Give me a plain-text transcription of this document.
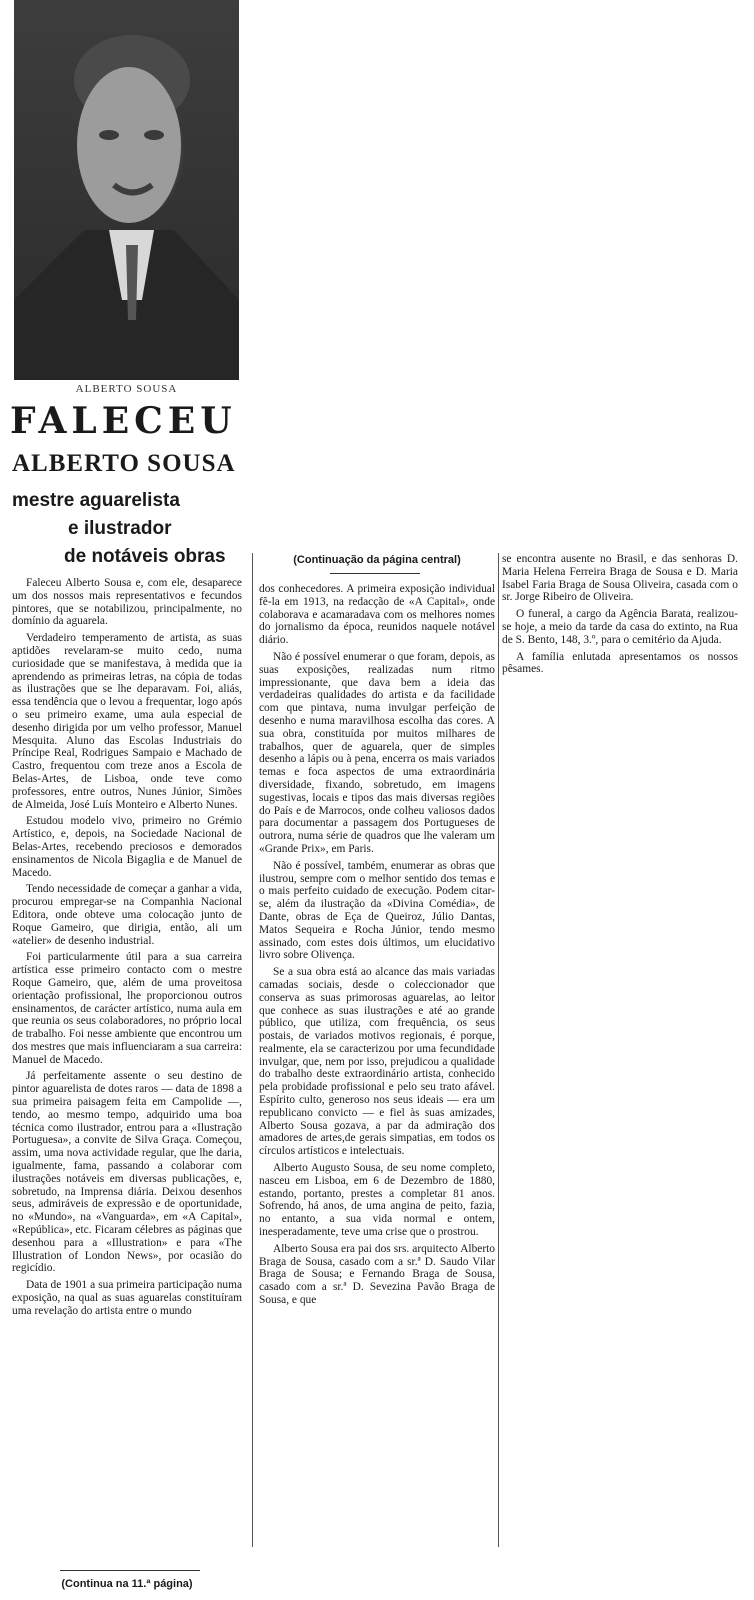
ALBERTO SOUSA
FALECEU
ALBERTO SOUSA
mestre aguarelista
e ilustrador
de notáveis obras

Faleceu Alberto Sousa e, com ele, desaparece um dos nossos mais representativos e fecundos pintores, que se notabilizou, principalmente, no domínio da aguarela.

Verdadeiro temperamento de artista, as suas aptidões revelaram-se muito cedo, numa curiosidade que se manifestava, à medida que ia aprendendo as primeiras letras, na cópia de todas as ilustrações que se lhe deparavam. Foi, aliás, essa tendência que o levou a frequentar, logo após o seu primeiro exame, uma aula especial de desenho dirigida por um velho professor, Manuel Mesquita. Aluno das Escolas Industriais do Príncipe Real, Rodrigues Sampaio e Machado de Castro, frequentou com treze anos a Escola de Belas-Artes, de Lisboa, onde teve como professores, entre outros, Nunes Júnior, Simões de Almeida, José Luís Monteiro e Alberto Nunes.

Estudou modelo vivo, primeiro no Grémio Artístico, e, depois, na Sociedade Nacional de Belas-Artes, recebendo preciosos e demorados ensinamentos de Nicola Bigaglia e de Manuel de Macedo.

Tendo necessidade de começar a ganhar a vida, procurou empregar-se na Companhia Nacional Editora, onde obteve uma colocação junto de Roque Gameiro, que dirigia, então, ali um «atelier» de desenho industrial.

Foi particularmente útil para a sua carreira artística esse primeiro contacto com o mestre Roque Gameiro, que, além de uma proveitosa orientação profissional, lhe proporcionou outros ensinamentos, de carácter artístico, numa aula em que reunia os seus colaboradores, no próprio local de trabalho. Foi nesse ambiente que encontrou um dos mestres que mais influenciaram a sua carreira: Manuel de Macedo.

Já perfeitamente assente o seu destino de pintor aguarelista de dotes raros — data de 1898 a sua primeira paisagem feita em Campolide —, tendo, ao mesmo tempo, adquirido uma boa técnica como ilustrador, entrou para a «Ilustração Portuguesa», a convite de Silva Graça. Começou, assim, uma nova actividade regular, que lhe daria, igualmente, fama, passando a colaborar com ilustrações notáveis em diversas publicações, e, sobretudo, na Imprensa diária. Deixou desenhos seus, admiráveis de expressão e de oportunidade, no «Mundo», na «Vanguarda», em «A Capital», «República», etc. Ficaram célebres as páginas que desenhou para a «Illustration» e para «The Illustration of London News», por ocasião do regicídio.

Data de 1901 a sua primeira participação numa exposição, na qual as suas aguarelas constituíram uma revelação do artista entre o mundo

(Continua na 11.ª página)
(Continuação da página central)

dos conhecedores. A primeira exposição individual fê-la em 1913, na redacção de «A Capital», onde colaborava e acamaradava com os melhores nomes do jornalismo da época, reunidos naquele notável diário.

Não é possível enumerar o que foram, depois, as suas exposições, realizadas num ritmo impressionante, que dava bem a ideia das verdadeiras qualidades do artista e da facilidade com que pintava, numa invulgar perfeição de desenho e numa maravilhosa escolha das cores. A sua obra, constituída por muitos milhares de trabalhos, quer de aguarela, quer de simples desenho a lápis ou à pena, encerra os mais variados temas e foca aspectos de uma extraordinária diversidade, fixando, sobretudo, em imagens sugestivas, locais e tipos das mais diversas regiões do País e de Marrocos, onde colheu valiosos dados para documentar a passagem dos Portugueses de outrora, numa série de quadros que lhe valeram um «Grande Prix», em Paris.

Não é possível, também, enumerar as obras que ilustrou, sempre com o melhor sentido dos temas e o mais perfeito cuidado de execução. Podem citar-se, além da ilustração da «Divina Comédia», de Dante, obras de Eça de Queiroz, Júlio Dantas, Matos Sequeira e Rocha Júnior, tendo mesmo assinado, com estes dois últimos, um elucidativo livro sobre Olivença.

Se a sua obra está ao alcance das mais variadas camadas sociais, desde o coleccionador que conserva as suas primorosas aguarelas, ao leitor que conhece as suas ilustrações e até ao grande público, que utiliza, com frequência, os seus postais, de variados motivos regionais, é porque, realmente, ela se caracterizou por uma fecundidade invulgar, que, nem por isso, prejudicou a qualidade do trabalho deste extraordinário artista, conhecido pela probidade profissional e pelo seu trato afável. Espírito culto, generoso nos seus ideais — era um republicano convicto — e fiel às suas amizades, Alberto Sousa gozava, a par da admiração dos amadores de artes,de gerais simpatias, em todos os círculos artísticos e intelectuais.

Alberto Augusto Sousa, de seu nome completo, nasceu em Lisboa, em 6 de Dezembro de 1880, estando, portanto, prestes a completar 81 anos. Sofrendo, há anos, de uma angina de peito, fazia, no entanto, a sua vida normal e ontem, inesperadamente, teve uma crise que o prostrou.

Alberto Sousa era pai dos srs. arquitecto Alberto Braga de Sousa, casado com a sr.ª D. Saudo Vilar Braga de Sousa; e Fernando Braga de Sousa, casado com a sr.ª D. Sevezina Pavão Braga de Sousa, e que

se encontra ausente no Brasil, e das senhoras D. Maria Helena Ferreira Braga de Sousa e D. Maria Isabel Faria Braga de Sousa Oliveira, casada com o sr. Jorge Ribeiro de Oliveira.

O funeral, a cargo da Agência Barata, realizou-se hoje, a meio da tarde da casa do extinto, na Rua de S. Bento, 148, 3.º, para o cemitério da Ajuda.

A família enlutada apresentamos os nossos pêsames.
